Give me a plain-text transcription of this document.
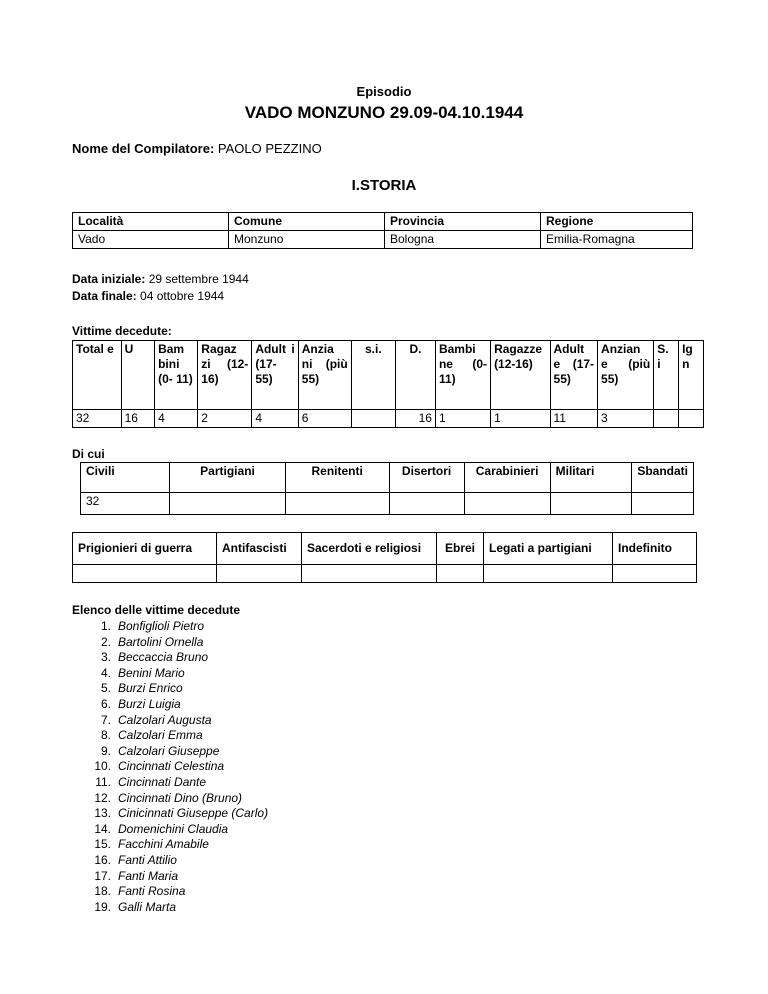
Episodio
VADO MONZUNO 29.09-04.10.1944
Nome del Compilatore: PAOLO PEZZINO
I.STORIA
Località	Comune	Provincia	Regione
Vado	Monzuno	Bologna	Emilia-Romagna
Data iniziale: 29 settembre 1944
Data finale: 04 ottobre 1944
Vittime decedute:
Total e	U	Bam bini (0- 11)	Ragaz zi (12- 16)	Adult i (17- 55)	Anzia ni (più 55)	s.i.	D.	Bambi ne (0- 11)	Ragazze (12-16)	Adult e (17- 55)	Anzian e (più 55)	S. i	Ig n
32	16	4	2	4	6		16	1	1	11	3		
Di cui
Civili	Partigiani	Renitenti	Disertori	Carabinieri	Militari	Sbandati
32						
Prigionieri di guerra	Antifascisti	Sacerdoti e religiosi	Ebrei	Legati a partigiani	Indefinito

Elenco delle vittime decedute
1. Bonfiglioli Pietro
2. Bartolini Ornella
3. Beccaccia Bruno
4. Benini Mario
5. Burzi Enrico
6. Burzi Luigia
7. Calzolari Augusta
8. Calzolari Emma
9. Calzolari Giuseppe
10. Cincinnati Celestina
11. Cincinnati Dante
12. Cincinnati Dino (Bruno)
13. Cinicinnati Giuseppe (Carlo)
14. Domenichini Claudia
15. Facchini Amabile
16. Fanti Attilio
17. Fanti Maria
18. Fanti Rosina
19. Galli Marta
